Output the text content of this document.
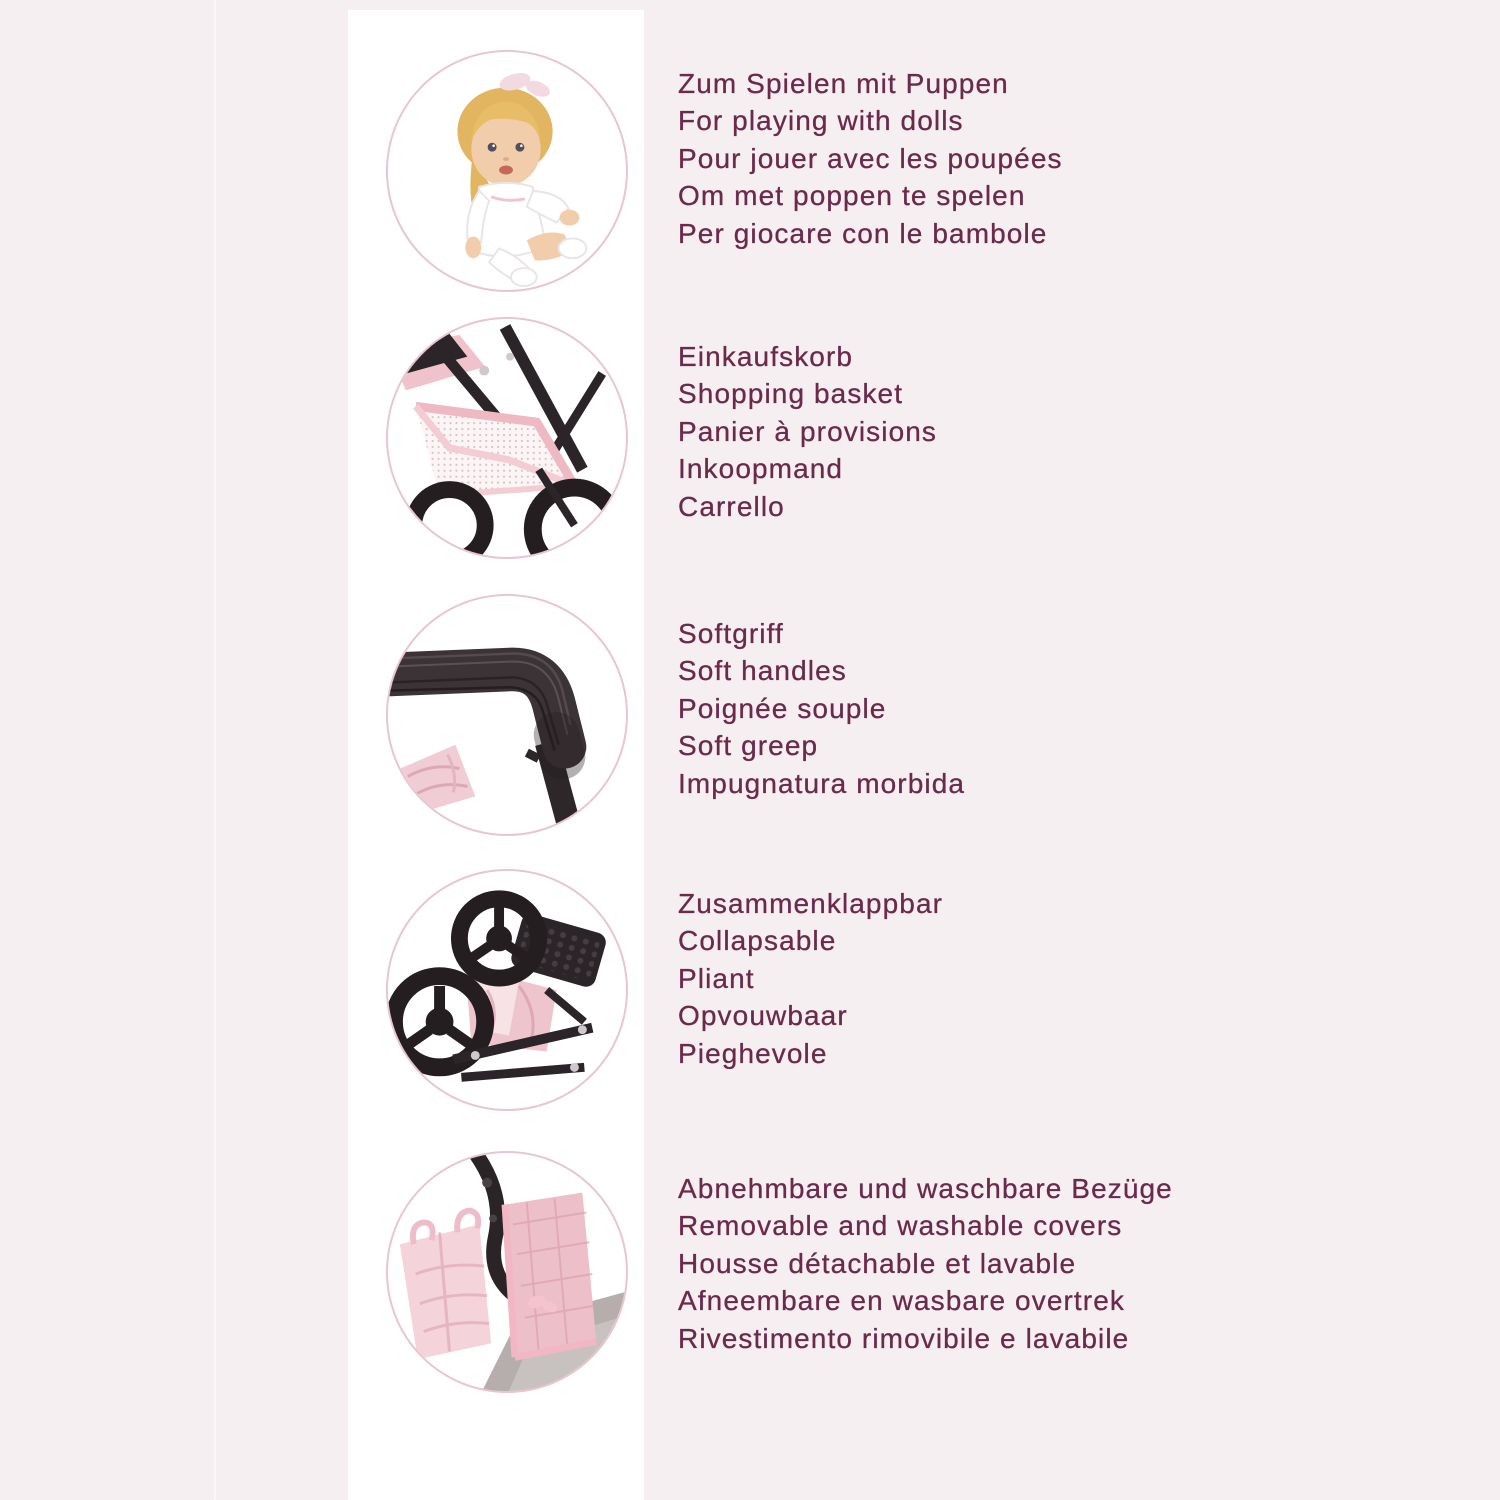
Zum Spielen mit Puppen
For playing with dolls
Pour jouer avec les poupées
Om met poppen te spelen
Per giocare con le bambole
Einkaufskorb
Shopping basket
Panier à provisions
Inkoopmand
Carrello
Softgriff
Soft handles
Poignée souple
Soft greep
Impugnatura morbida
Zusammenklappbar
Collapsable
Pliant
Opvouwbaar
Pieghevole
Abnehmbare und waschbare Bezüge
Removable and washable covers
Housse détachable et lavable
Afneembare en wasbare overtrek
Rivestimento rimovibile e lavabile
